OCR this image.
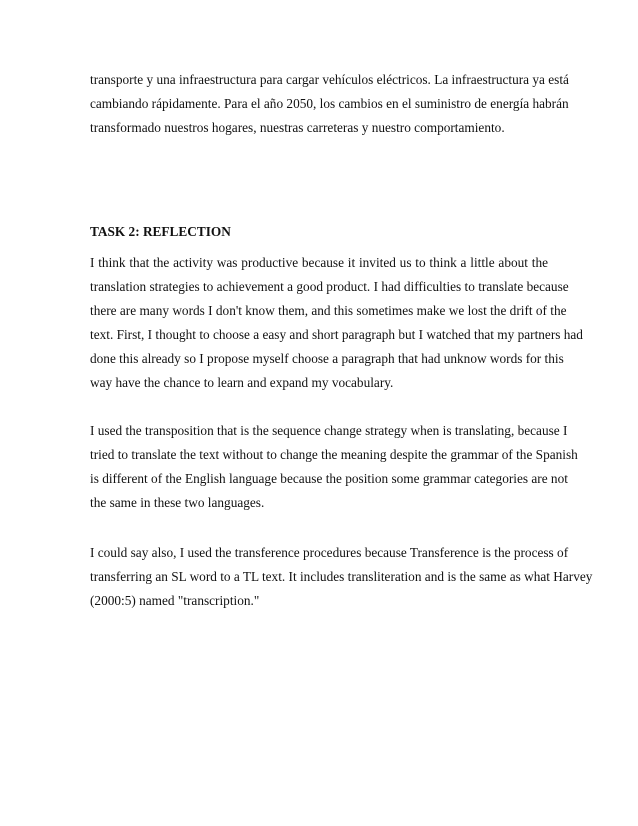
transporte y una infraestructura para cargar vehículos eléctricos. La infraestructura ya está
cambiando rápidamente. Para el año 2050, los cambios en el suministro de energía habrán
transformado nuestros hogares, nuestras carreteras y nuestro comportamiento.
TASK 2: REFLECTION
I think that the activity was productive because it invited us to think a little about the
translation strategies to achievement a good product. I had difficulties to translate because
there are many words I don't know them, and this sometimes make we lost the drift of the
text. First, I thought to choose a easy and short paragraph but I watched that my partners had
done this already so I propose myself choose a paragraph that had unknow words for this
way have the chance to learn and expand my vocabulary.
I used the transposition that is the sequence change strategy when is translating, because I
tried to translate the text without to change the meaning despite the grammar of the Spanish
is different of the English language because the position some grammar categories are not
the same in these two languages.
I could say also, I used the transference procedures because Transference is the process of
transferring an SL word to a TL text. It includes transliteration and is the same as what Harvey
(2000:5) named "transcription."
